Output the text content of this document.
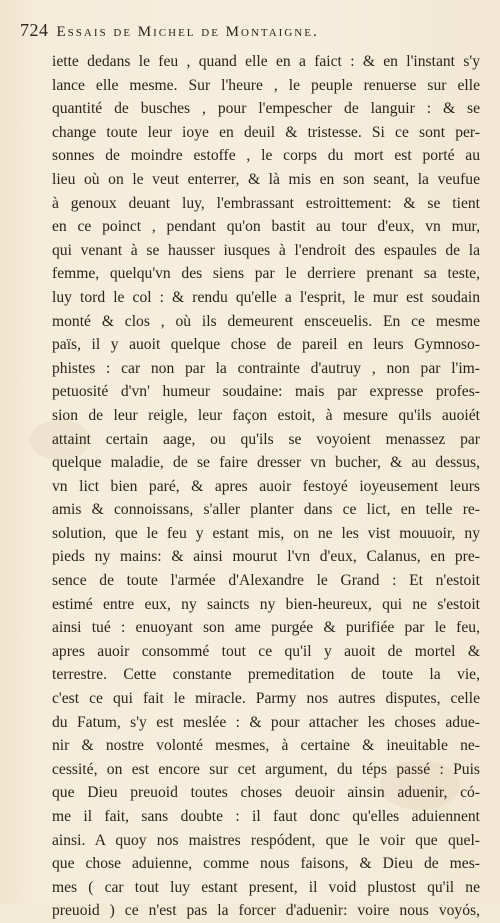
724 Essais de Michel de Montaigne.
iette dedans le feu , quand elle en a faict : & en l'instant s'y
lance elle mesme. Sur l'heure , le peuple renuerse sur elle
quantité de busches , pour l'empescher de languir : & se
change toute leur ioye en deuil & tristesse. Si ce sont per-
sonnes de moindre estoffe , le corps du mort est porté au
lieu où on le veut enterrer, & là mis en son seant, la veufue
à genoux deuant luy, l'embrassant estroittement: & se tient
en ce poinct , pendant qu'on bastit au tour d'eux, vn mur,
qui venant à se hausser iusques à l'endroit des espaules de la
femme, quelqu'vn des siens par le derriere prenant sa teste,
luy tord le col : & rendu qu'elle a l'esprit, le mur est soudain
monté & clos , où ils demeurent ensceuelis. En ce mesme
païs, il y auoit quelque chose de pareil en leurs Gymnoso-
phistes : car non par la contrainte d'autruy , non par l'im-
petuosité d'vn' humeur soudaine: mais par expresse profes-
sion de leur reigle, leur façon estoit, à mesure qu'ils auoiét
attaint certain aage, ou qu'ils se voyoient menassez par
quelque maladie, de se faire dresser vn bucher, & au dessus,
vn lict bien paré, & apres auoir festoyé ioyeusement leurs
amis & connoissans, s'aller planter dans ce lict, en telle re-
solution, que le feu y estant mis, on ne les vist mouuoir, ny
pieds ny mains: & ainsi mourut l'vn d'eux, Calanus, en pre-
sence de toute l'armée d'Alexandre le Grand : Et n'estoit
estimé entre eux, ny saincts ny bien-heureux, qui ne s'estoit
ainsi tué : enuoyant son ame purgée & purifiée par le feu,
apres auoir consommé tout ce qu'il y auoit de mortel &
terrestre. Cette constante premeditation de toute la vie,
c'est ce qui fait le miracle. Parmy nos autres disputes, celle
du Fatum, s'y est meslée : & pour attacher les choses adue-
nir & nostre volonté mesmes, à certaine & ineuitable ne-
cessité, on est encore sur cet argument, du téps passé : Puis
que Dieu preuoid toutes choses deuoir ainsin aduenir, có-
me il fait, sans doubte : il faut donc qu'elles aduiennent
ainsi. A quoy nos maistres respódent, que le voir que quel-
que chose aduienne, comme nous faisons, & Dieu de mes-
mes ( car tout luy estant present, il void plustost qu'il ne
preuoid ) ce n'est pas la forcer d'aduenir: voire nous voyós,
